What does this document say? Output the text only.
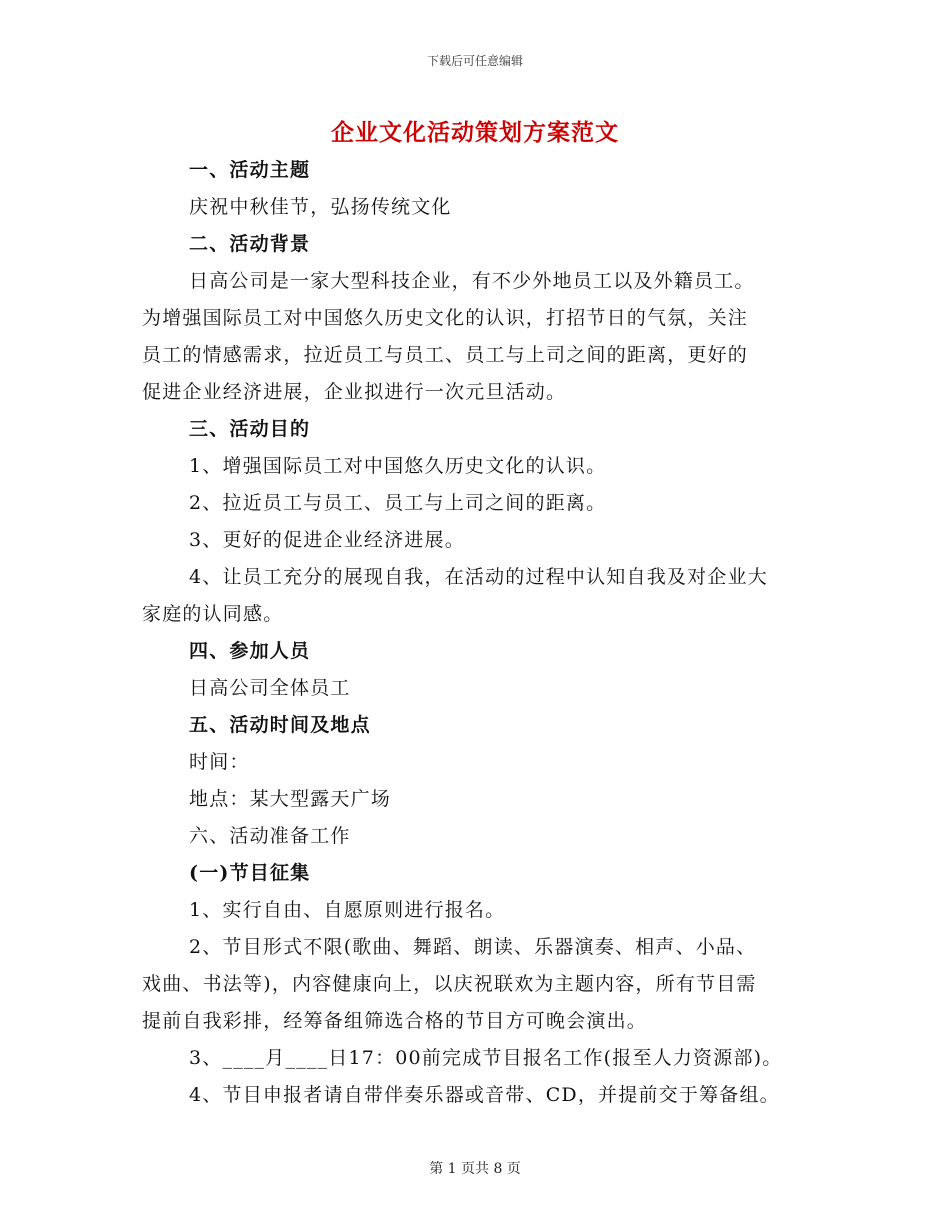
下载后可任意编辑
企业文化活动策划方案范文
一、活动主题
庆祝中秋佳节，弘扬传统文化
二、活动背景
日高公司是一家大型科技企业，有不少外地员工以及外籍员工。
为增强国际员工对中国悠久历史文化的认识，打招节日的气氛，关注
员工的情感需求，拉近员工与员工、员工与上司之间的距离，更好的
促进企业经济进展，企业拟进行一次元旦活动。
三、活动目的
1、增强国际员工对中国悠久历史文化的认识。
2、拉近员工与员工、员工与上司之间的距离。
3、更好的促进企业经济进展。
4、让员工充分的展现自我，在活动的过程中认知自我及对企业大
家庭的认同感。
四、参加人员
日高公司全体员工
五、活动时间及地点
时间：
地点：某大型露天广场
六、活动准备工作
(一)节目征集
1、实行自由、自愿原则进行报名。
2、节目形式不限(歌曲、舞蹈、朗读、乐器演奏、相声、小品、
戏曲、书法等)，内容健康向上，以庆祝联欢为主题内容，所有节目需
提前自我彩排，经筹备组筛选合格的节目方可晚会演出。
3、____月____日17：00前完成节目报名工作(报至人力资源部)。
4、节目申报者请自带伴奏乐器或音带、CD，并提前交于筹备组。
第 1 页共 8 页
